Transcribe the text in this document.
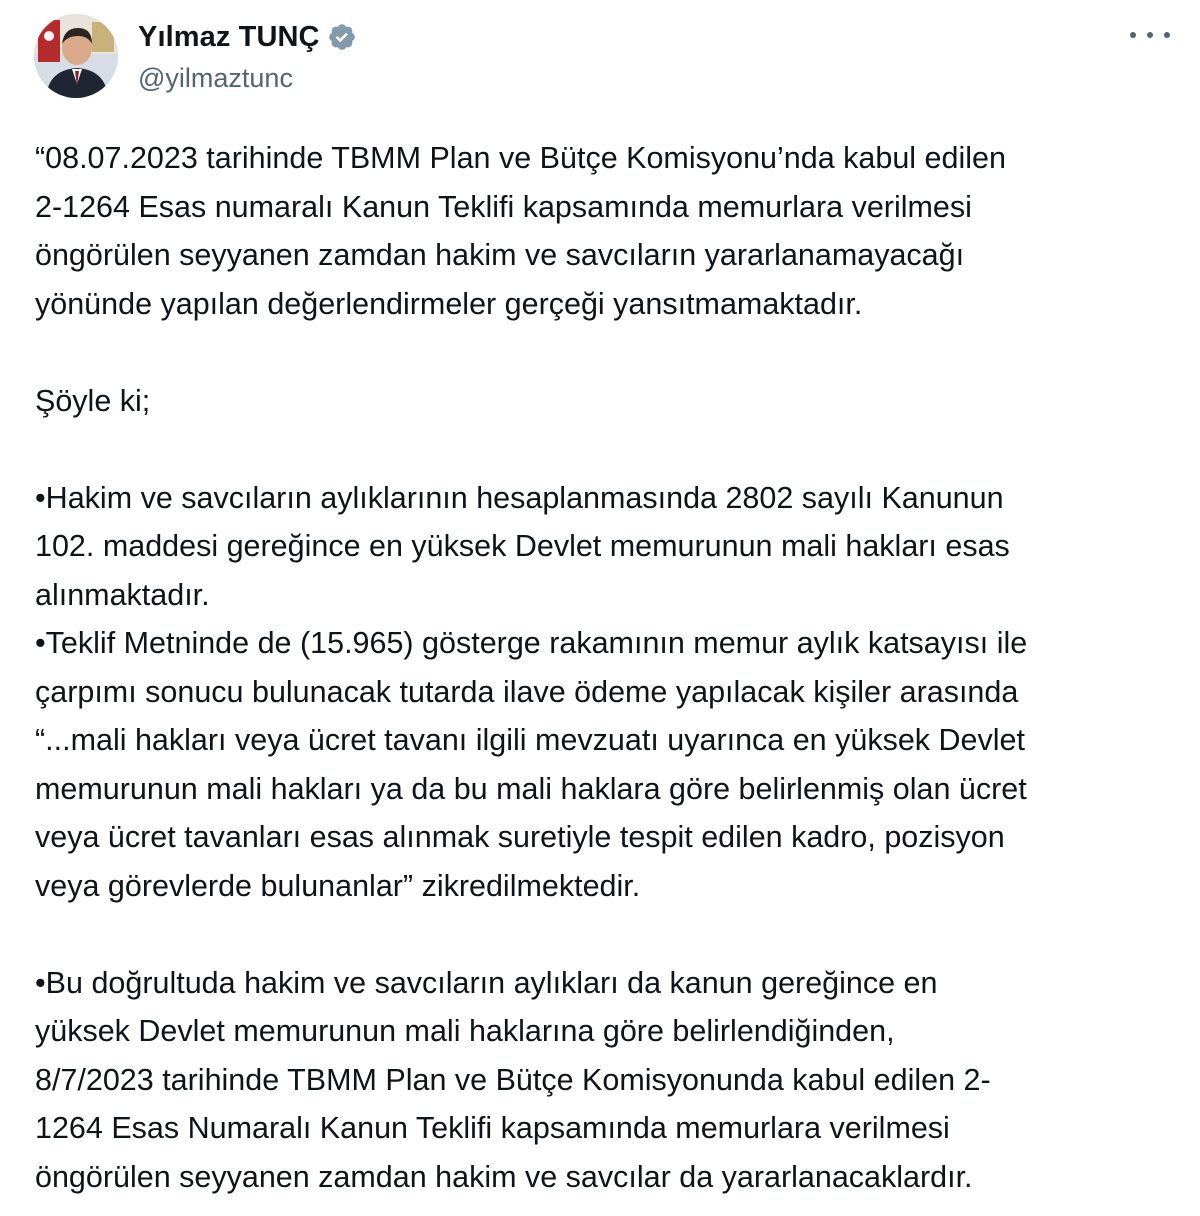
Yılmaz TUNÇ
@yilmaztunc
“08.07.2023 tarihinde TBMM Plan ve Bütçe Komisyonu’nda kabul edilen
2-1264 Esas numaralı Kanun Teklifi kapsamında memurlara verilmesi
öngörülen seyyanen zamdan hakim ve savcıların yararlanamayacağı
yönünde yapılan değerlendirmeler gerçeği yansıtmamaktadır.
Şöyle ki;
•Hakim ve savcıların aylıklarının hesaplanmasında 2802 sayılı Kanunun
102. maddesi gereğince en yüksek Devlet memurunun mali hakları esas
alınmaktadır.
•Teklif Metninde de (15.965) gösterge rakamının memur aylık katsayısı ile
çarpımı sonucu bulunacak tutarda ilave ödeme yapılacak kişiler arasında
“...mali hakları veya ücret tavanı ilgili mevzuatı uyarınca en yüksek Devlet
memurunun mali hakları ya da bu mali haklara göre belirlenmiş olan ücret
veya ücret tavanları esas alınmak suretiyle tespit edilen kadro, pozisyon
veya görevlerde bulunanlar” zikredilmektedir.
•Bu doğrultuda hakim ve savcıların aylıkları da kanun gereğince en
yüksek Devlet memurunun mali haklarına göre belirlendiğinden,
8/7/2023 tarihinde TBMM Plan ve Bütçe Komisyonunda kabul edilen 2-
1264 Esas Numaralı Kanun Teklifi kapsamında memurlara verilmesi
öngörülen seyyanen zamdan hakim ve savcılar da yararlanacaklardır.
